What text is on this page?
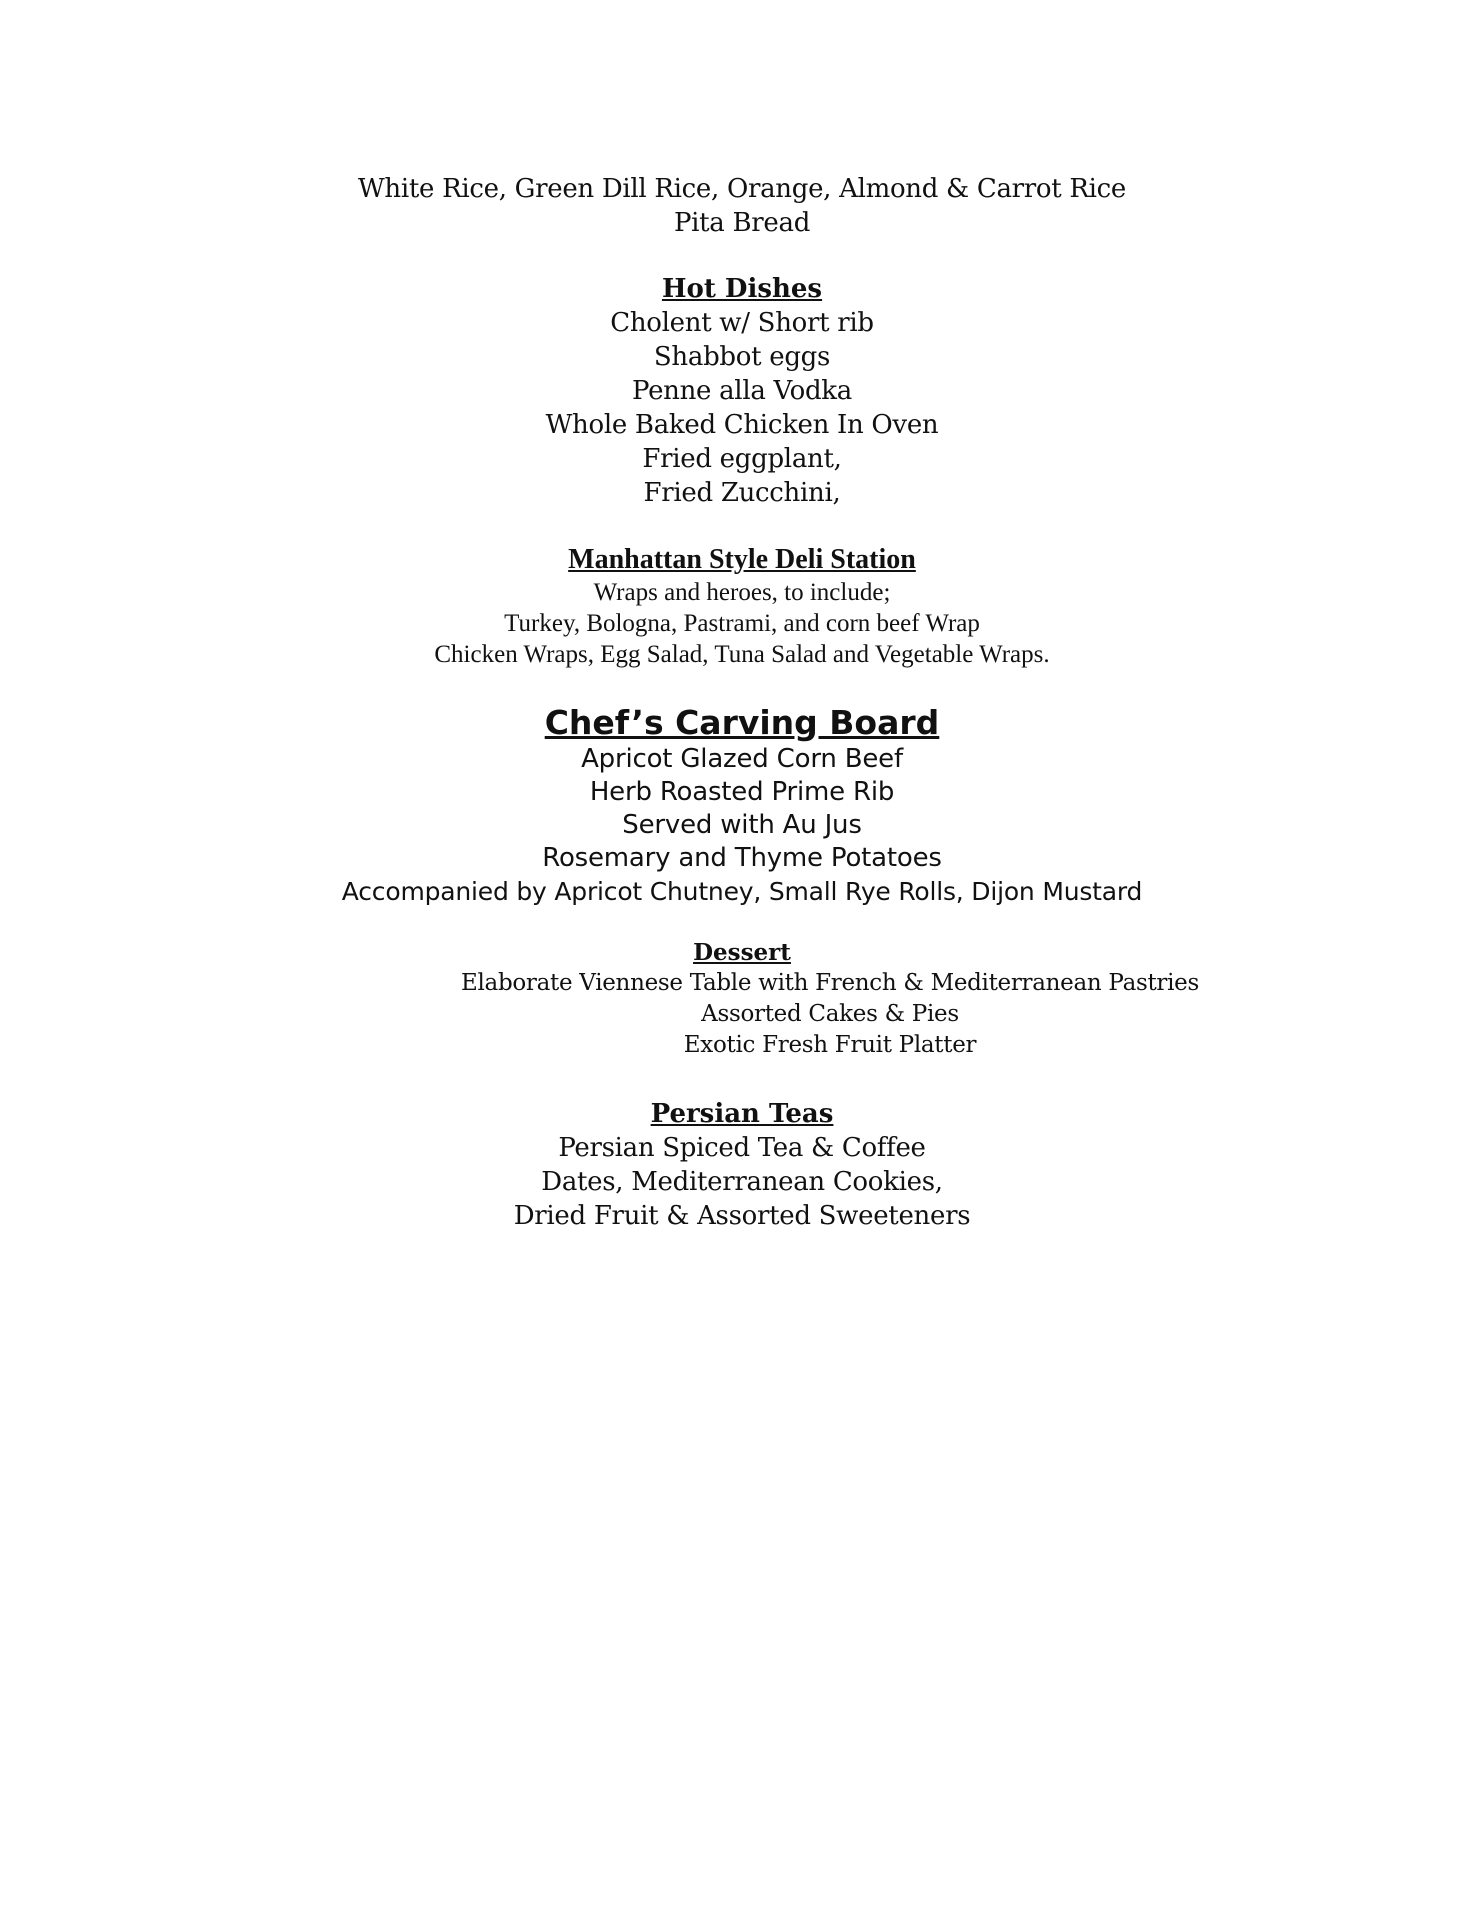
White Rice, Green Dill Rice, Orange, Almond & Carrot Rice
Pita Bread
Hot Dishes
Cholent w/ Short rib
Shabbot eggs
Penne alla Vodka
Whole Baked Chicken In Oven
Fried eggplant,
Fried Zucchini,
Manhattan Style Deli Station
Wraps and heroes, to include;
Turkey, Bologna, Pastrami, and corn beef Wrap
Chicken Wraps, Egg Salad, Tuna Salad and Vegetable Wraps.
Chef’s Carving Board
Apricot Glazed Corn Beef
Herb Roasted Prime Rib
Served with Au Jus
Rosemary and Thyme Potatoes
Accompanied by Apricot Chutney, Small Rye Rolls, Dijon Mustard
Dessert
Elaborate Viennese Table with French & Mediterranean Pastries
Assorted Cakes & Pies
Exotic Fresh Fruit Platter
Persian Teas
Persian Spiced Tea & Coffee
Dates, Mediterranean Cookies,
Dried Fruit & Assorted Sweeteners
